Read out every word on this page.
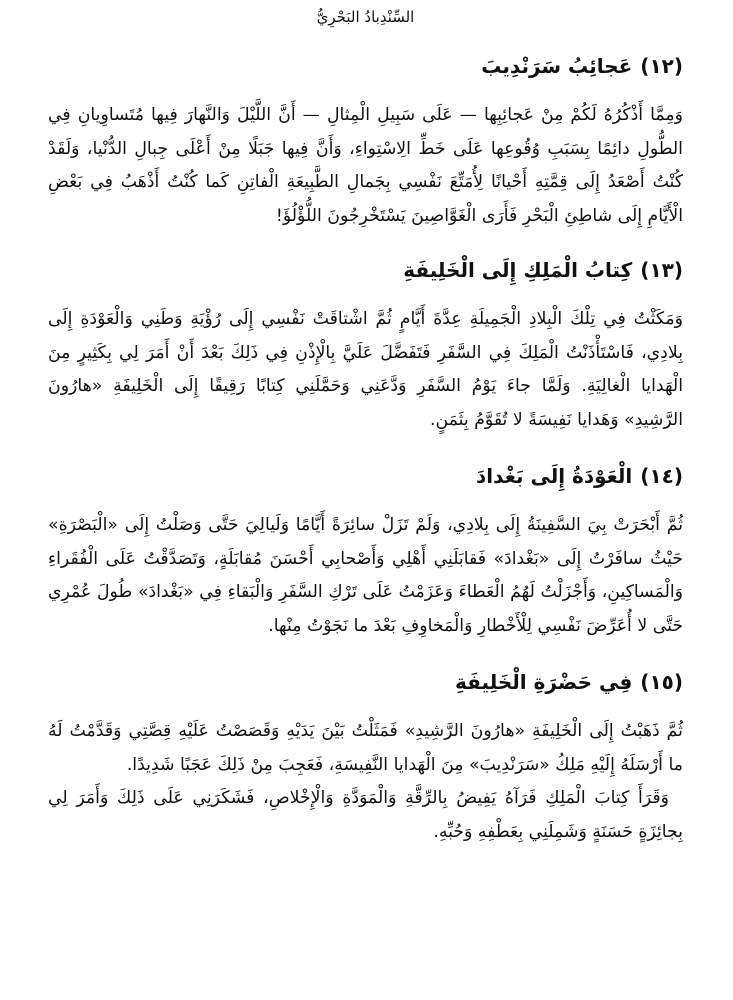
السِّنْدِبادُ البَحْرِيُّ
(١٢)عَجائِبُ سَرَنْدِيبَ

وَمِمَّا أَذْكُرُهُ لَكُمْ مِنْ عَجائِبِها — عَلَى سَبِيلِ الْمِثالِ — أَنَّ اللَّيْلَ وَالنَّهارَ فِيها مُتَساوِيانِ فِي الطُّولِ دائِمًا بِسَبَبِ وُقُوعِها عَلَى خَطِّ الِاسْتِواءِ، وَأَنَّ فِيها جَبَلًا مِنْ أَعْلَى جِبالِ الدُّنْيا، وَلَقَدْ كُنْتُ أَصْعَدُ إِلَى قِمَّتِهِ أَحْيانًا لِأُمَتِّعَ نَفْسِي بِجَمالِ الطَّبِيعَةِ الْفاتِنِ كَما كُنْتُ أَذْهَبُ فِي بَعْضِ الْأَيَّامِ إِلَى شاطِئِ الْبَحْرِ فَأَرَى الْغَوَّاصِينَ يَسْتَخْرِجُونَ اللُّؤْلُؤَ!

(١٣)كِتابُ الْمَلِكِ إِلَى الْخَلِيفَةِ

وَمَكَثْتُ فِي تِلْكَ الْبِلادِ الْجَمِيلَةِ عِدَّةَ أَيَّامٍ ثُمَّ اشْتاقَتْ نَفْسِي إِلَى رُؤْيَةِ وَطَنِي وَالْعَوْدَةِ إِلَى بِلادِي، فَاسْتَأْذَنْتُ الْمَلِكَ فِي السَّفَرِ فَتَفَضَّلَ عَلَيَّ بِالْإِذْنِ فِي ذَلِكَ بَعْدَ أَنْ أَمَرَ لِي بِكَثِيرٍ مِنَ الْهَدايا الْغالِيَةِ. وَلَمَّا جاءَ يَوْمُ السَّفَرِ وَدَّعَنِي وَحَمَّلَنِي كِتابًا رَقِيقًا إِلَى الْخَلِيفَةِ «هارُونَ الرَّشِيدِ» وَهَدايا نَفِيسَةً لا تُقَوَّمُ بِثَمَنٍ.

(١٤)الْعَوْدَةُ إِلَى بَغْدادَ

ثُمَّ أَبْحَرَتْ بِيَ السَّفِينَةُ إِلَى بِلادِي، وَلَمْ تَزَلْ سائِرَةً أَيَّامًا وَلَيالِيَ حَتَّى وَصَلْتُ إِلَى «الْبَصْرَةِ» حَيْثُ سافَرْتُ إِلَى «بَغْدادَ» فَقابَلَنِي أَهْلِي وَأَصْحابِي أَحْسَنَ مُقابَلَةٍ، وَتَصَدَّقْتُ عَلَى الْفُقَراءِ وَالْمَساكِينِ، وَأَجْزَلْتُ لَهُمُ الْعَطاءَ وَعَزَمْتُ عَلَى تَرْكِ السَّفَرِ وَالْبَقاءِ فِي «بَغْدادَ» طُولَ عُمْرِي حَتَّى لا أُعَرِّضَ نَفْسِي لِلْأَخْطارِ وَالْمَخاوِفِ بَعْدَ ما نَجَوْتُ مِنْها.

(١٥)فِي حَضْرَةِ الْخَلِيفَةِ

ثُمَّ ذَهَبْتُ إِلَى الْخَلِيفَةِ «هارُونَ الرَّشِيدِ» فَمَثَلْتُ بَيْنَ يَدَيْهِ وَقَصَصْتُ عَلَيْهِ قِصَّتِي وَقَدَّمْتُ لَهُ ما أَرْسَلَهُ إِلَيْهِ مَلِكُ «سَرَنْدِيبَ» مِنَ الْهَدايا النَّفِيسَةِ، فَعَجِبَ مِنْ ذَلِكَ عَجَبًا شَدِيدًا.

وَقَرَأَ كِتابَ الْمَلِكِ فَرَآهُ يَفِيضُ بِالرِّقَّةِ وَالْمَوَدَّةِ وَالْإِخْلاصِ، فَشَكَرَنِي عَلَى ذَلِكَ وَأَمَرَ لِي بِجائِزَةٍ حَسَنَةٍ وَشَمِلَنِي بِعَطْفِهِ وَحُبِّهِ.
